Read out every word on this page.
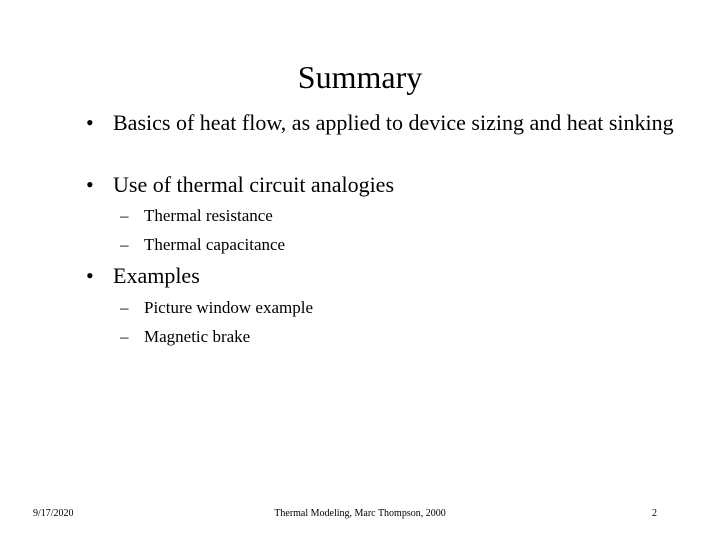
Summary
• Basics of heat flow, as applied to device sizing and heat sinking
• Use of thermal circuit analogies
– Thermal resistance
– Thermal capacitance
• Examples
– Picture window example
– Magnetic brake
9/17/2020	Thermal Modeling, Marc Thompson, 2000	2
